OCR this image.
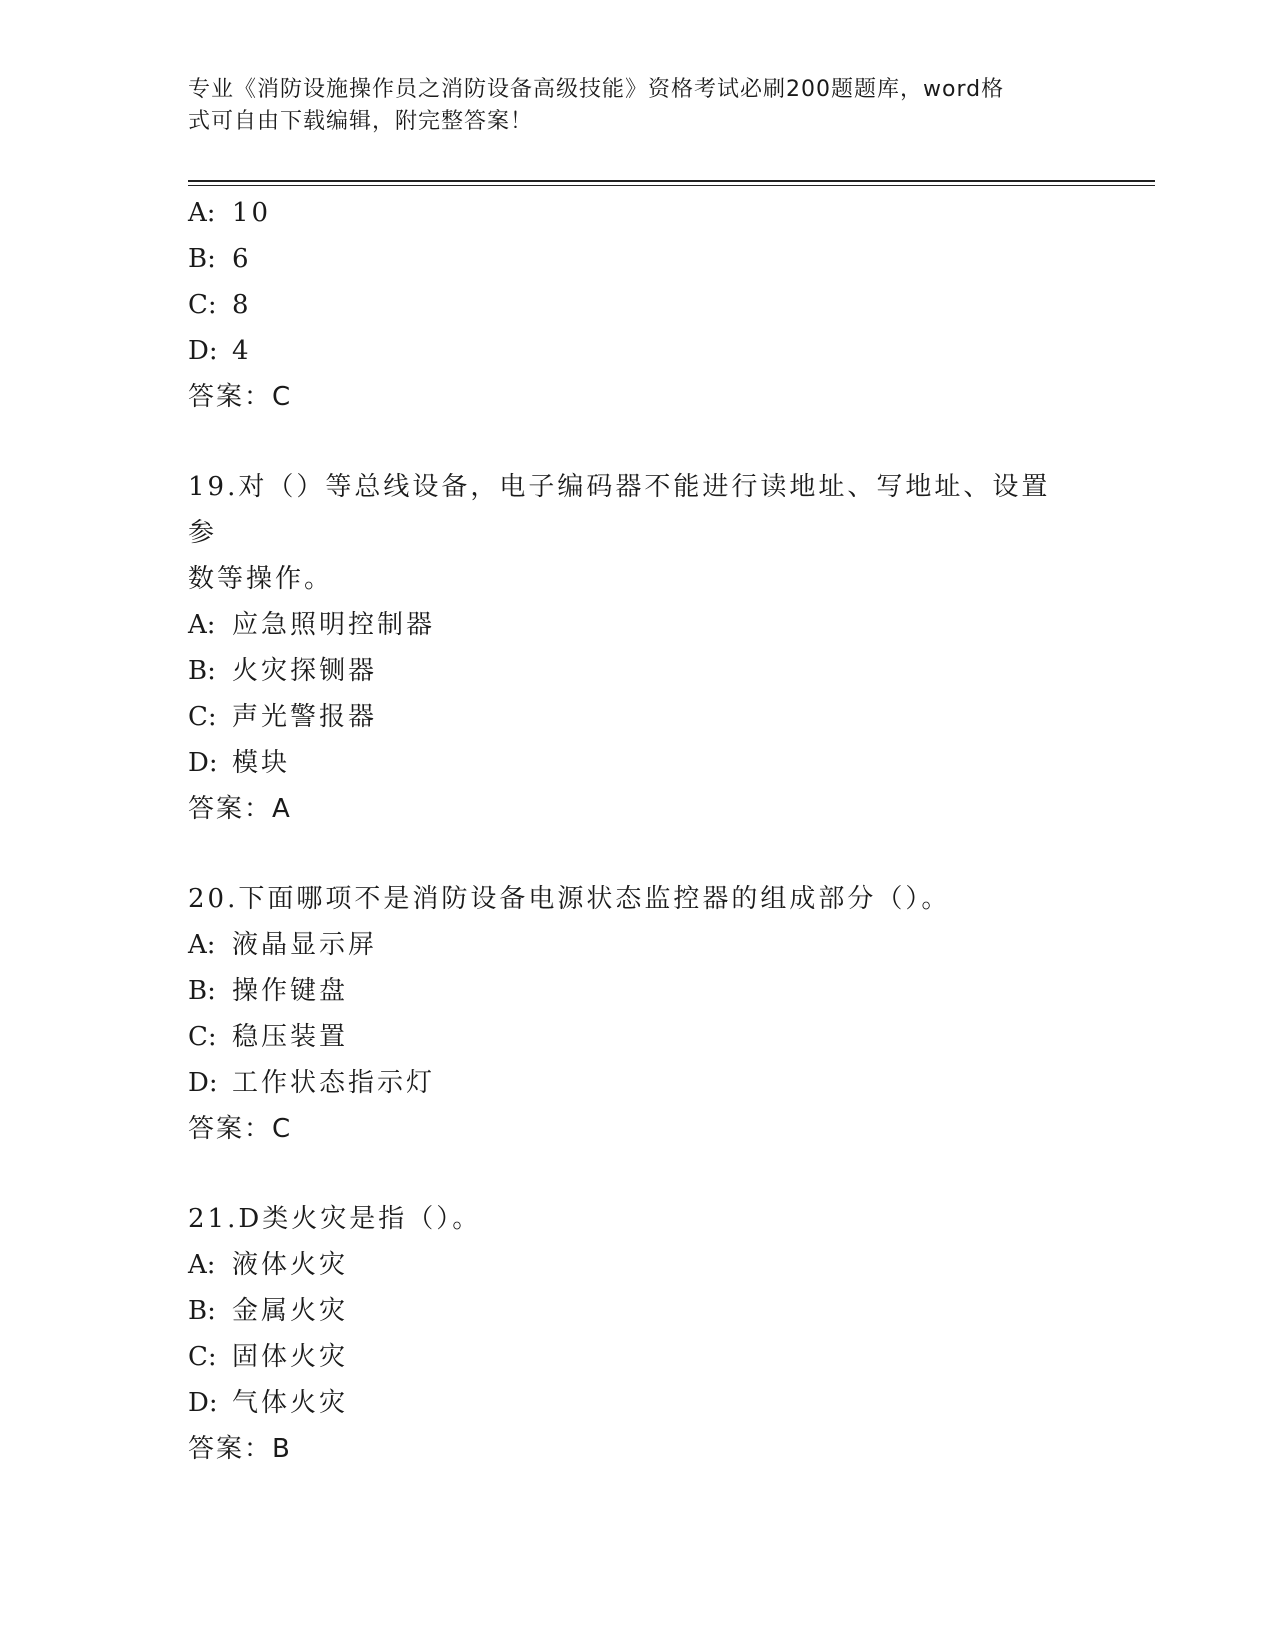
专业《消防设施操作员之消防设备高级技能》资格考试必刷200题题库，word格
式可自由下载编辑，附完整答案！
A: 10
B: 6
C: 8
D: 4
答案：C
19.对（）等总线设备，电子编码器不能进行读地址、写地址、设置参
数等操作。
A: 应急照明控制器
B: 火灾探铡器
C: 声光警报器
D: 模块
答案：A
20.下面哪项不是消防设备电源状态监控器的组成部分（）。
A: 液晶显示屏
B: 操作键盘
C: 稳压装置
D: 工作状态指示灯
答案：C
21.D类火灾是指（）。
A: 液体火灾
B: 金属火灾
C: 固体火灾
D: 气体火灾
答案：B
